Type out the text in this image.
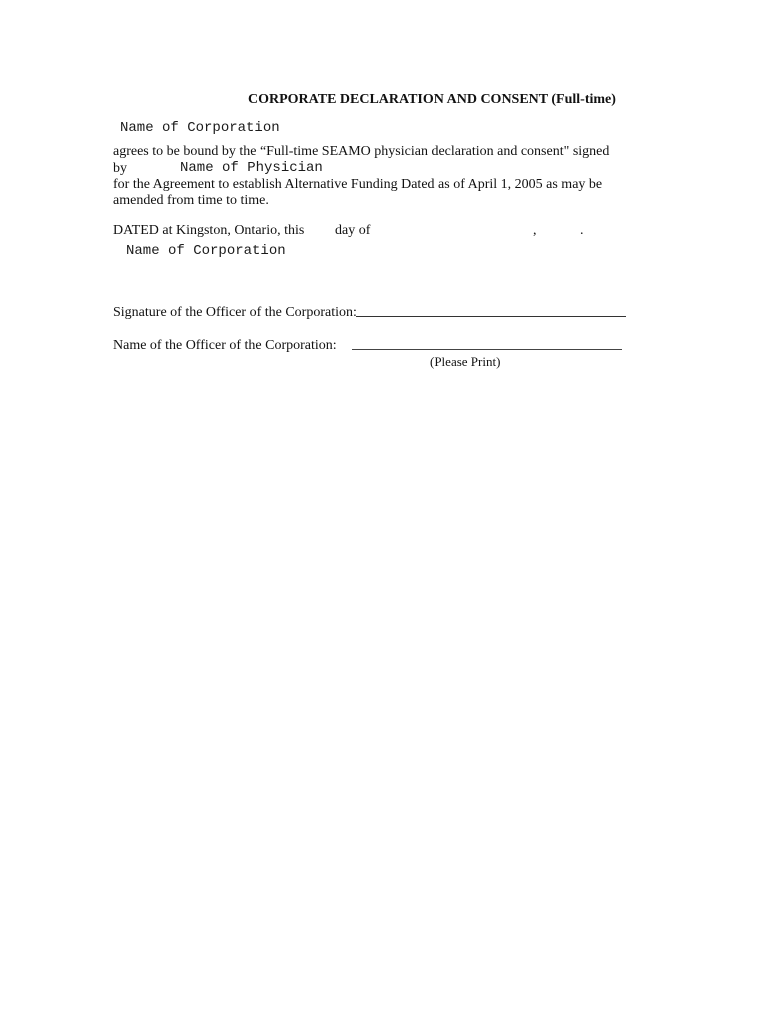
CORPORATE DECLARATION AND CONSENT (Full-time)
Name of Corporation
agrees to be bound by the “Full-time SEAMO physician declaration and consent" signed
by
Name of Physician
for the Agreement to establish Alternative Funding Dated as of April 1, 2005 as may be
amended from time to time.
DATED at Kingston, Ontario, this day of	,	.
Name of Corporation
Signature of the Officer of the Corporation:
Name of the Officer of the Corporation:
(Please Print)
